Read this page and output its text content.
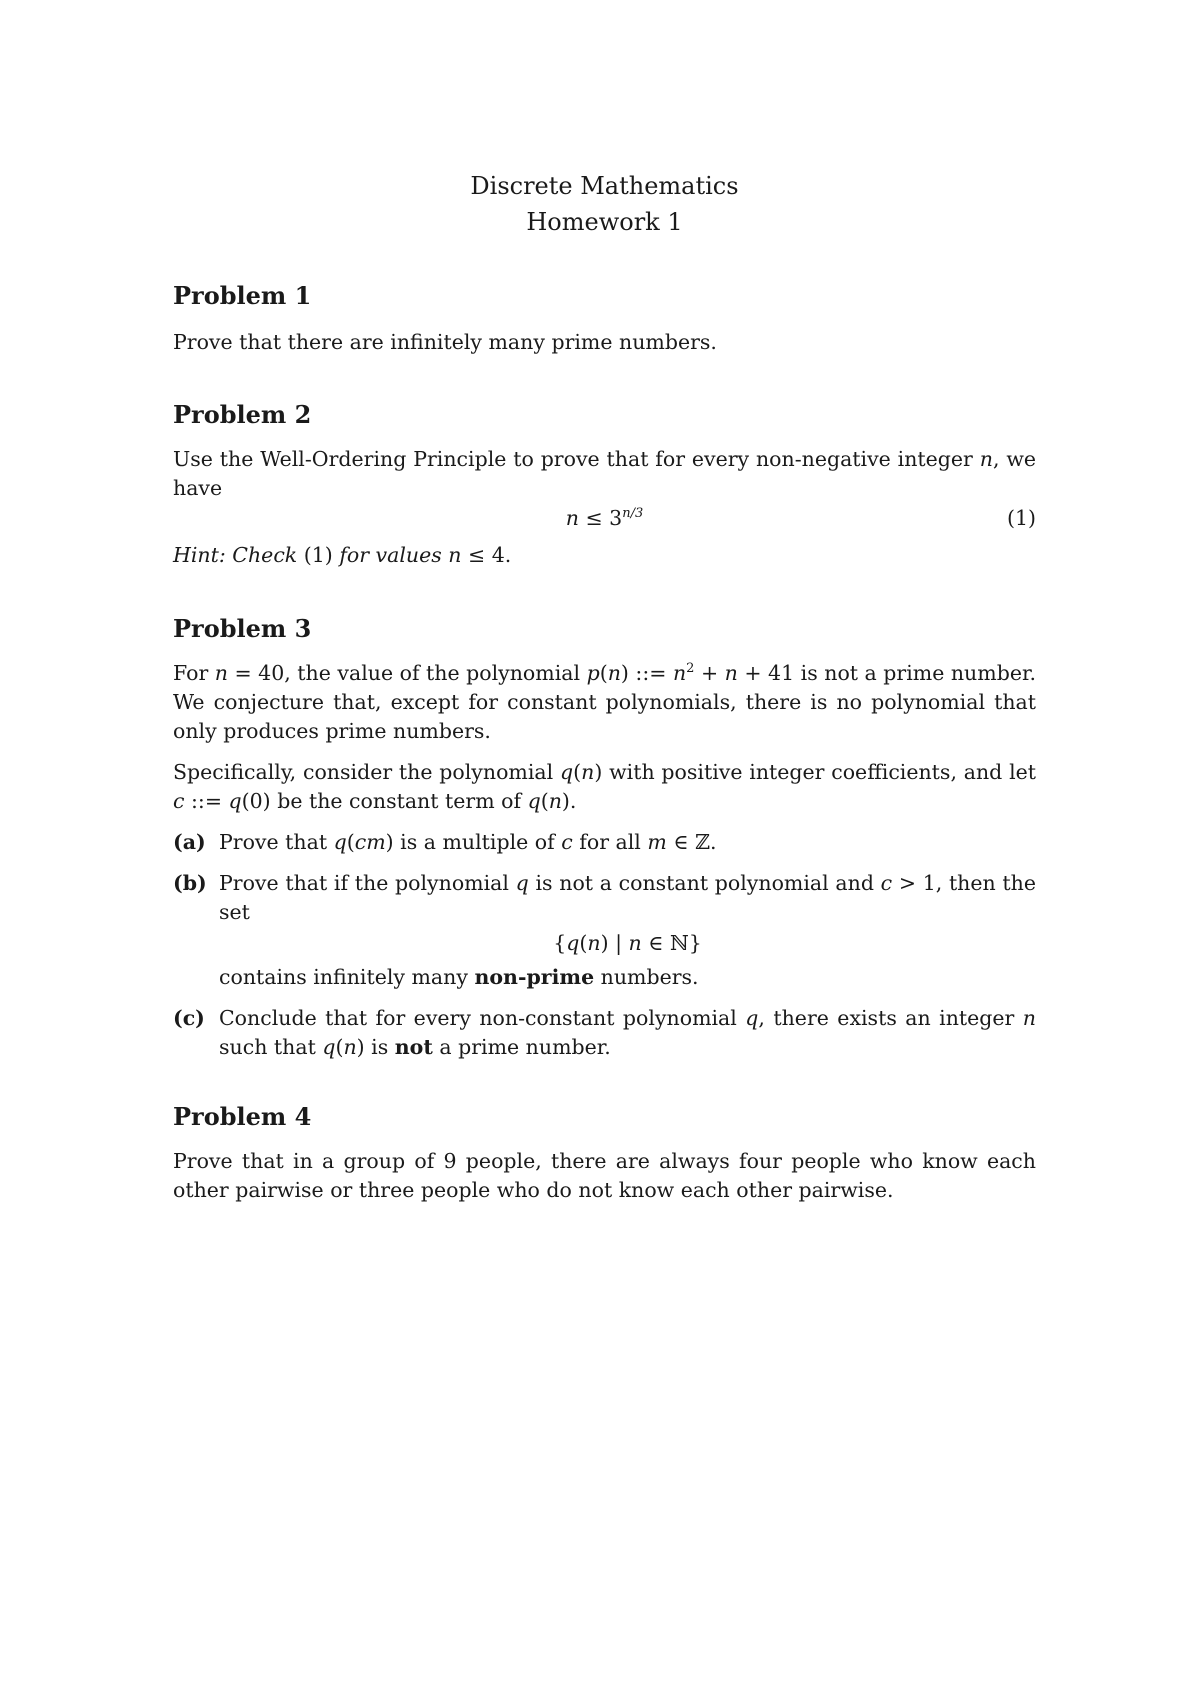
Discrete Mathematics
Homework 1
Problem 1

Prove that there are infinitely many prime numbers.

Problem 2

Use the Well-Ordering Principle to prove that for every non-negative integer n, we have

$n \le 3^{n/3}$	(1)

Hint: Check (1) for values n ≤ 4.

Problem 3

For n = 40, the value of the polynomial p(n) ::= $n^2 + n + 41$ is not a prime number. We conjecture that, except for constant polynomials, there is no polynomial that only produces prime numbers.

Specifically, consider the polynomial q(n) with positive integer coefficients, and let c ::= q(0) be the constant term of q(n).

(a) Prove that q(cm) is a multiple of c for all m ∈ ℤ.

(b) Prove that if the polynomial q is not a constant polynomial and c > 1, then the set

{q(n) | n ∈ ℕ}

contains infinitely many non-prime numbers.

(c) Conclude that for every non-constant polynomial q, there exists an integer n such that q(n) is not a prime number.

Problem 4

Prove that in a group of 9 people, there are always four people who know each other pairwise or three people who do not know each other pairwise.
